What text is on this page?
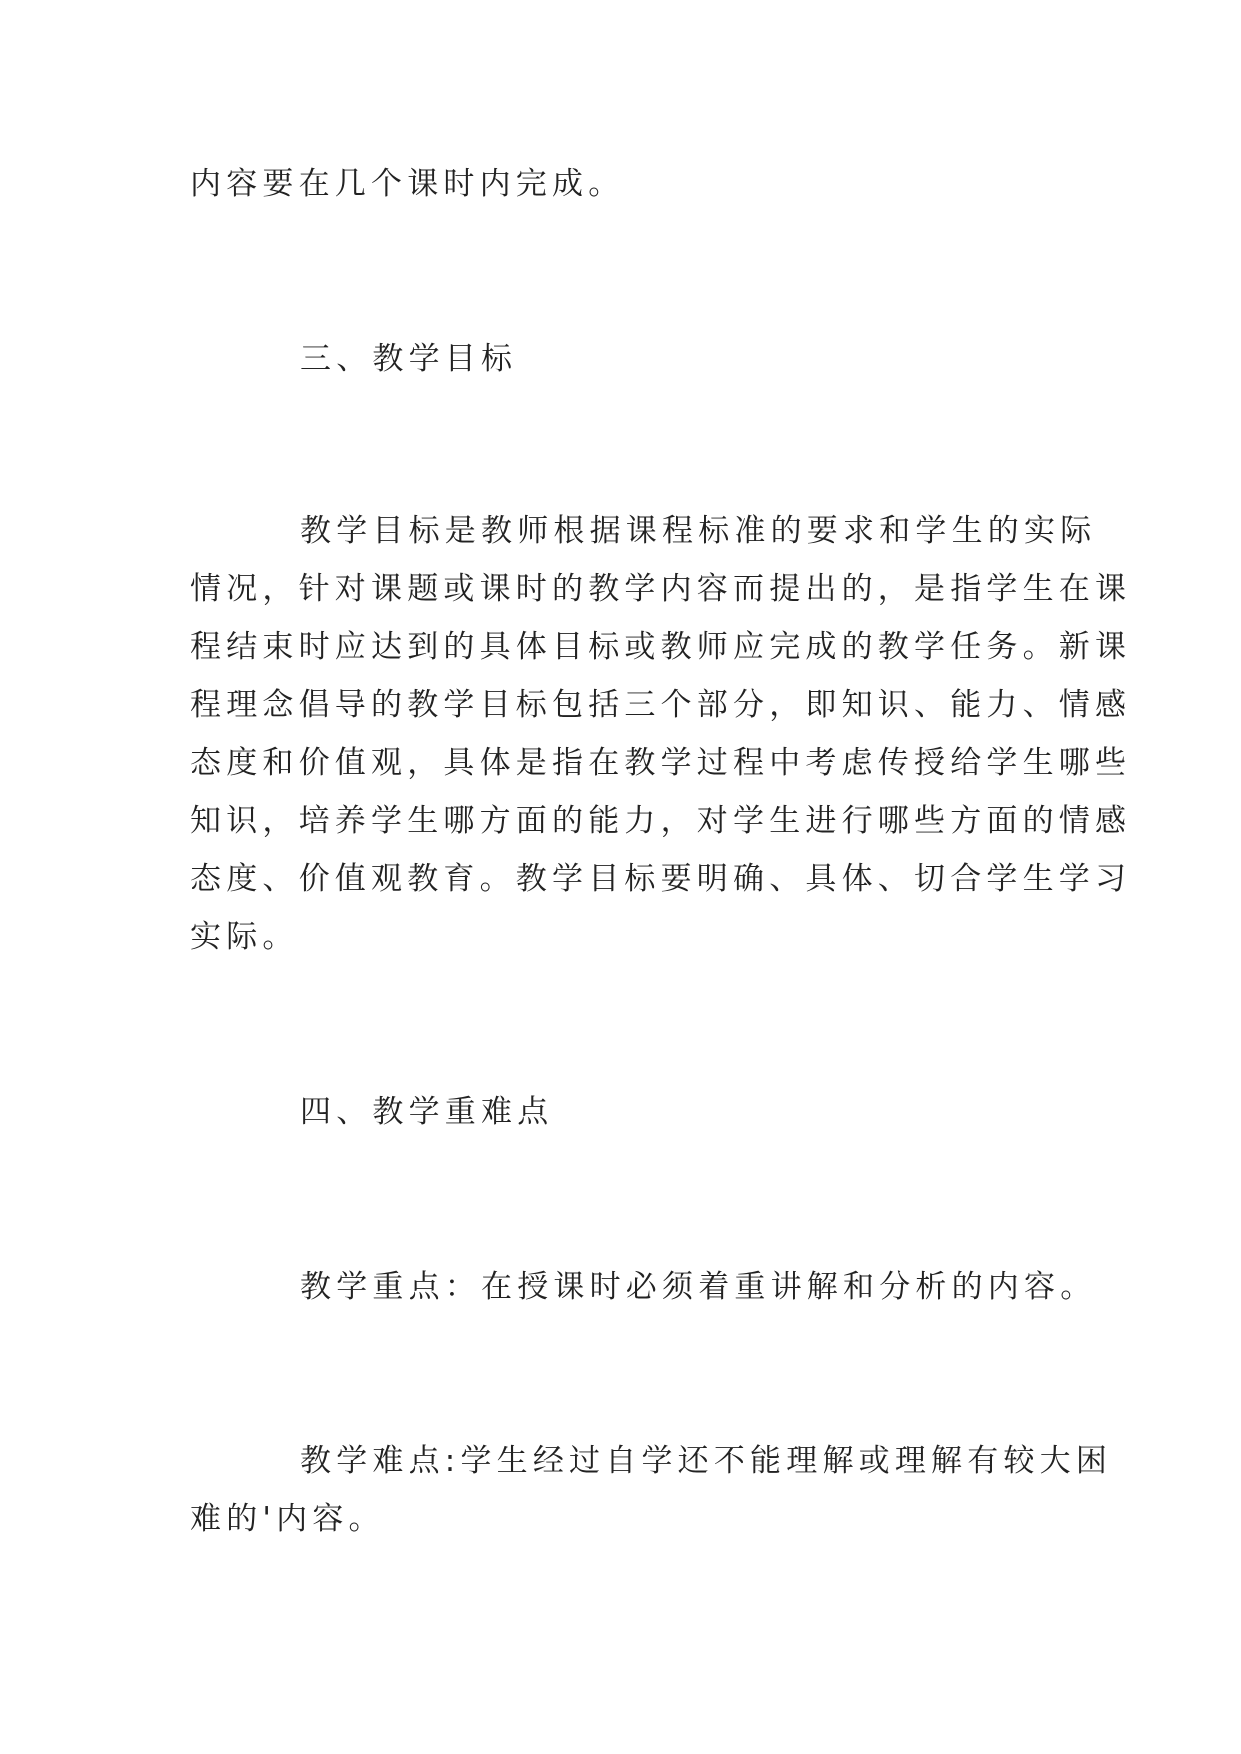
内容要在几个课时内完成。

三、教学目标

教学目标是教师根据课程标准的要求和学生的实际

情况，针对课题或课时的教学内容而提出的，是指学生在课

程结束时应达到的具体目标或教师应完成的教学任务。新课

程理念倡导的教学目标包括三个部分，即知识、能力、情感

态度和价值观，具体是指在教学过程中考虑传授给学生哪些

知识，培养学生哪方面的能力，对学生进行哪些方面的情感

态度、价值观教育。教学目标要明确、具体、切合学生学习

实际。

四、教学重难点

教学重点：在授课时必须着重讲解和分析的内容。

教学难点:学生经过自学还不能理解或理解有较大困

难的'内容。
